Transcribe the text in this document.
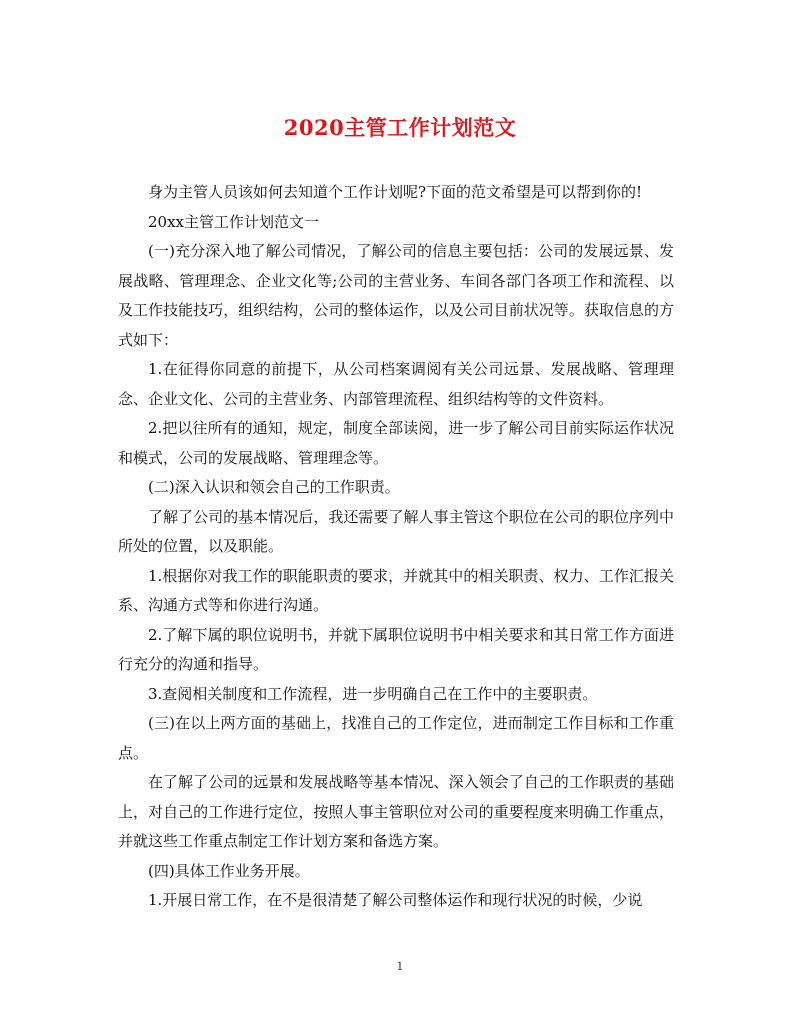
2020主管工作计划范文

身为主管人员该如何去知道个工作计划呢?下面的范文希望是可以帮到你的!

20xx主管工作计划范文一

(一)充分深入地了解公司情况，了解公司的信息主要包括：公司的发展远景、发展战略、管理理念、企业文化等;公司的主营业务、车间各部门各项工作和流程、以及工作技能技巧，组织结构，公司的整体运作，以及公司目前状况等。获取信息的方式如下：

1.在征得你同意的前提下，从公司档案调阅有关公司远景、发展战略、管理理念、企业文化、公司的主营业务、内部管理流程、组织结构等的文件资料。

2.把以往所有的通知，规定，制度全部读阅，进一步了解公司目前实际运作状况和模式，公司的发展战略、管理理念等。

(二)深入认识和领会自己的工作职责。

了解了公司的基本情况后，我还需要了解人事主管这个职位在公司的职位序列中所处的位置，以及职能。

1.根据你对我工作的职能职责的要求，并就其中的相关职责、权力、工作汇报关系、沟通方式等和你进行沟通。

2.了解下属的职位说明书，并就下属职位说明书中相关要求和其日常工作方面进行充分的沟通和指导。

3.查阅相关制度和工作流程，进一步明确自己在工作中的主要职责。

(三)在以上两方面的基础上，找准自己的工作定位，进而制定工作目标和工作重点。

在了解了公司的远景和发展战略等基本情况、深入领会了自己的工作职责的基础上，对自己的工作进行定位，按照人事主管职位对公司的重要程度来明确工作重点，并就这些工作重点制定工作计划方案和备选方案。

(四)具体工作业务开展。

1.开展日常工作，在不是很清楚了解公司整体运作和现行状况的时候，少说

1
